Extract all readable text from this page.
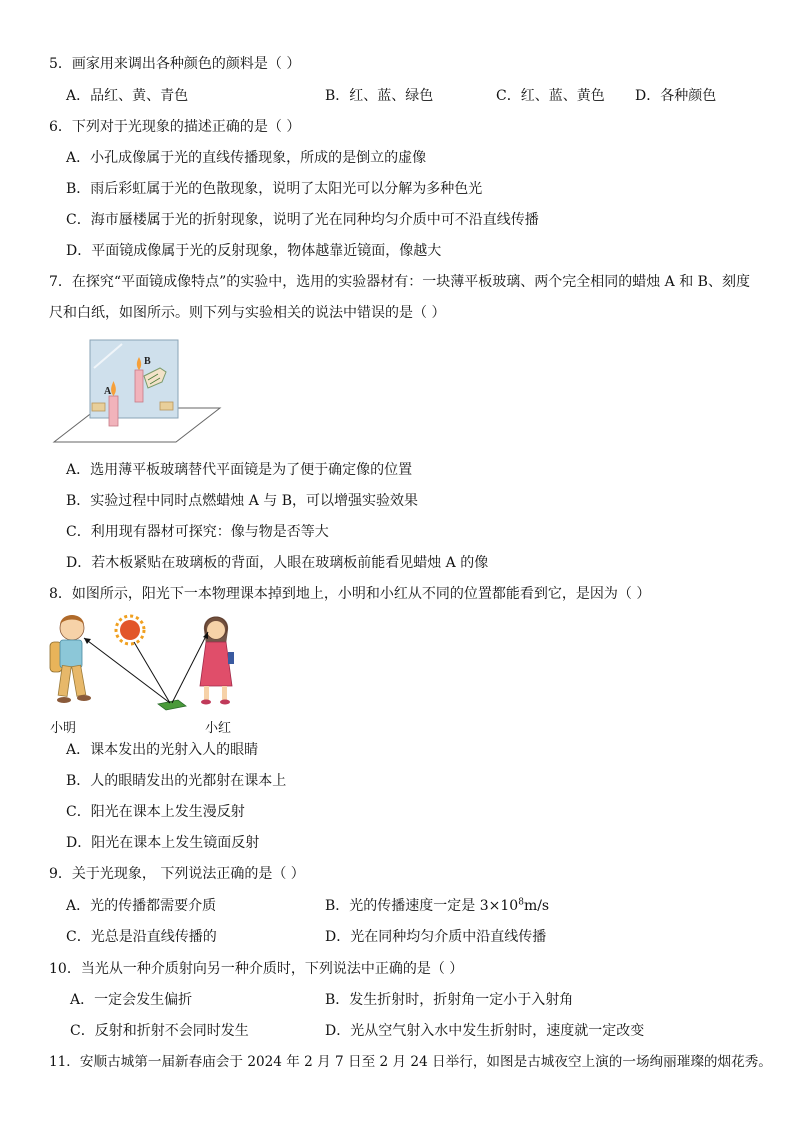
5．画家用来调出各种颜色的颜料是（ ）
A．品红、黄、青色	B．红、蓝、绿色	C．红、蓝、黄色 D．各种颜色
6．下列对于光现象的描述正确的是（ ）
A．小孔成像属于光的直线传播现象，所成的是倒立的虚像
B．雨后彩虹属于光的色散现象，说明了太阳光可以分解为多种色光
C．海市蜃楼属于光的折射现象，说明了光在同种均匀介质中可不沿直线传播
D．平面镜成像属于光的反射现象，物体越靠近镜面，像越大
7．在探究“平面镜成像特点”的实验中，选用的实验器材有：一块薄平板玻璃、两个完全相同的蜡烛 A 和 B、刻度
尺和白纸，如图所示。则下列与实验相关的说法中错误的是（ ）
A
B
A．选用薄平板玻璃替代平面镜是为了便于确定像的位置
B．实验过程中同时点燃蜡烛 A 与 B，可以增强实验效果
C．利用现有器材可探究：像与物是否等大
D．若木板紧贴在玻璃板的背面，人眼在玻璃板前能看见蜡烛 A 的像
8．如图所示，阳光下一本物理课本掉到地上，小明和小红从不同的位置都能看到它，是因为（ ）
小明	小红
A．课本发出的光射入人的眼睛
B．人的眼睛发出的光都射在课本上
C．阳光在课本上发生漫反射
D．阳光在课本上发生镜面反射
9．关于光现象， 下列说法正确的是（ ）
A．光的传播都需要介质	B．光的传播速度一定是 $3\times 10^8m/s$
C．光总是沿直线传播的	D．光在同种均匀介质中沿直线传播
10．当光从一种介质射向另一种介质时，下列说法中正确的是（ ）
A．一定会发生偏折	B．发生折射时，折射角一定小于入射角
C．反射和折射不会同时发生	D．光从空气射入水中发生折射时，速度就一定改变
11．安顺古城第一届新春庙会于 2024 年 2 月 7 日至 2 月 24 日举行，如图是古城夜空上演的一场绚丽璀璨的烟花秀。
